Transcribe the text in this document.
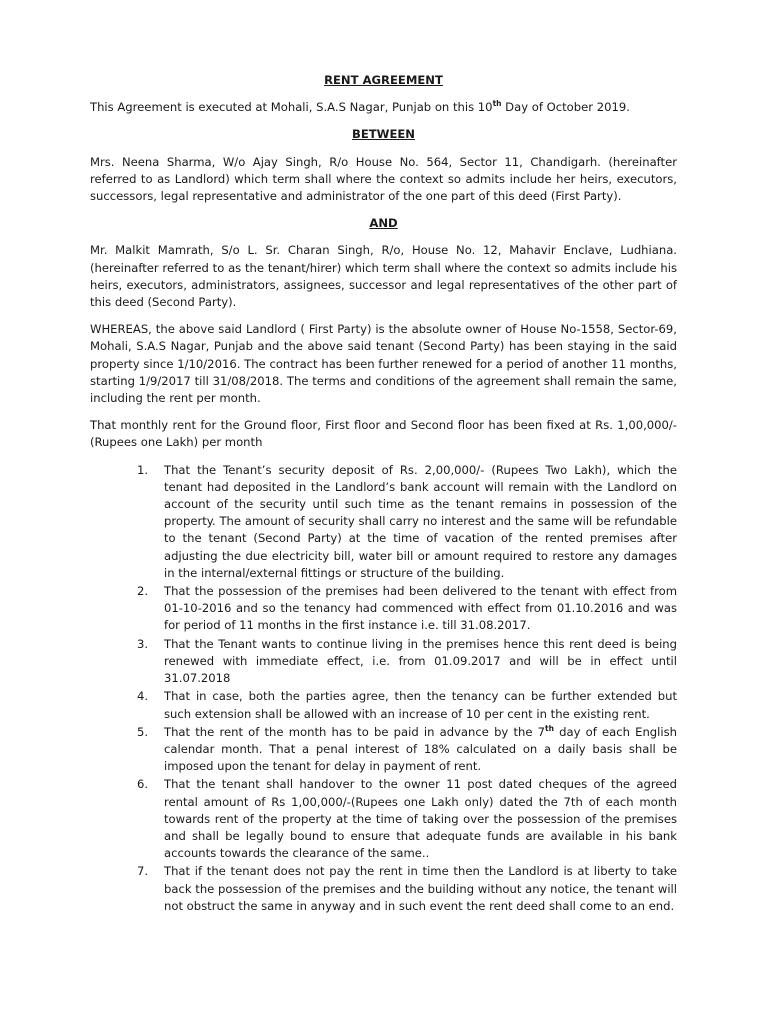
RENT AGREEMENT

This Agreement is executed at Mohali, S.A.S Nagar, Punjab on this 10th Day of October 2019.

BETWEEN

Mrs. Neena Sharma, W/o Ajay Singh, R/o House No. 564, Sector 11, Chandigarh. (hereinafter referred to as Landlord) which term shall where the context so admits include her heirs, executors, successors, legal representative and administrator of the one part of this deed (First Party).

AND

Mr. Malkit Mamrath, S/o L. Sr. Charan Singh, R/o, House No. 12, Mahavir Enclave, Ludhiana. (hereinafter referred to as the tenant/hirer) which term shall where the context so admits include his heirs, executors, administrators, assignees, successor and legal representatives of the other part of this deed (Second Party).

WHEREAS, the above said Landlord ( First Party) is the absolute owner of House No-1558, Sector-69, Mohali, S.A.S Nagar, Punjab and the above said tenant (Second Party) has been staying in the said property since 1/10/2016. The contract has been further renewed for a period of another 11 months, starting 1/9/2017 till 31/08/2018. The terms and conditions of the agreement shall remain the same, including the rent per month.

That monthly rent for the Ground floor, First floor and Second floor has been fixed at Rs. 1,00,000/- (Rupees one Lakh) per month

1. That the Tenant’s security deposit of Rs. 2,00,000/- (Rupees Two Lakh), which the tenant had deposited in the Landlord’s bank account will remain with the Landlord on account of the security until such time as the tenant remains in possession of the property. The amount of security shall carry no interest and the same will be refundable to the tenant (Second Party) at the time of vacation of the rented premises after adjusting the due electricity bill, water bill or amount required to restore any damages in the internal/external fittings or structure of the building.
2. That the possession of the premises had been delivered to the tenant with effect from 01-10-2016 and so the tenancy had commenced with effect from 01.10.2016 and was for period of 11 months in the first instance i.e. till 31.08.2017.
3. That the Tenant wants to continue living in the premises hence this rent deed is being renewed with immediate effect, i.e. from 01.09.2017 and will be in effect until 31.07.2018
4. That in case, both the parties agree, then the tenancy can be further extended but such extension shall be allowed with an increase of 10 per cent in the existing rent.
5. That the rent of the month has to be paid in advance by the 7th day of each English calendar month. That a penal interest of 18% calculated on a daily basis shall be imposed upon the tenant for delay in payment of rent.
6. That the tenant shall handover to the owner 11 post dated cheques of the agreed rental amount of Rs 1,00,000/-(Rupees one Lakh only) dated the 7th of each month towards rent of the property at the time of taking over the possession of the premises and shall be legally bound to ensure that adequate funds are available in his bank accounts towards the clearance of the same..
7. That if the tenant does not pay the rent in time then the Landlord is at liberty to take back the possession of the premises and the building without any notice, the tenant will not obstruct the same in anyway and in such event the rent deed shall come to an end.
